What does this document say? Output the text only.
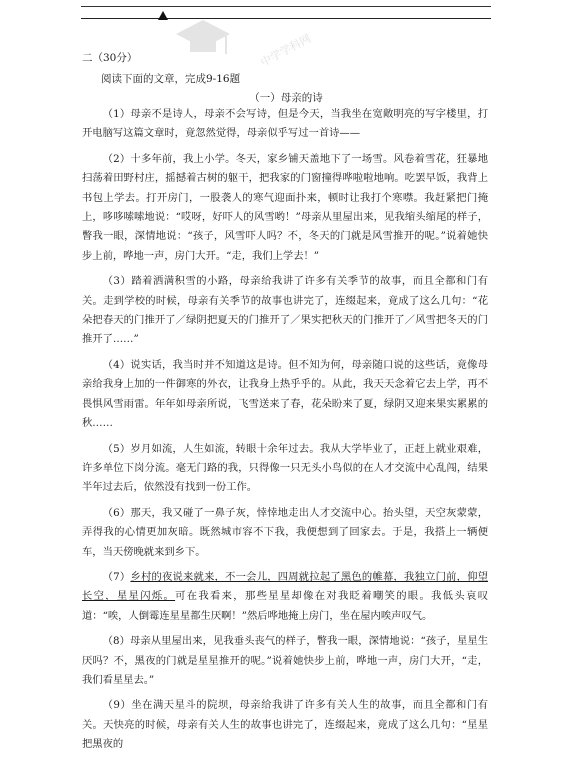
中学学科网
二（30分）
阅读下面的文章，完成9-16题
（一）母亲的诗

（1）母亲不是诗人，母亲不会写诗，但是今天，当我坐在宽敞明亮的写字楼里，打开电脑写这篇文章时，竟忽然觉得，母亲似乎写过一首诗——

（2）十多年前，我上小学。冬天，家乡铺天盖地下了一场雪。风卷着雪花，狂暴地扫荡着田野村庄，摇撼着古树的躯干，把我家的门窗撞得哗啦啦地响。吃罢早饭，我背上书包上学去。打开房门，一股袭人的寒气迎面扑来，顿时让我打个寒噤。我赶紧把门掩上，哆哆嗦嗦地说：“哎呀，好吓人的风雪哟！”母亲从里屋出来，见我缩头缩尾的样子，瞥我一眼，深情地说：“孩子，风雪吓人吗？不，冬天的门就是风雪推开的呢。”说着她快步上前，哗地一声，房门大开。“走，我们上学去！”

（3）踏着洒满积雪的小路，母亲给我讲了许多有关季节的故事，而且全都和门有关。走到学校的时候，母亲有关季节的故事也讲完了，连缀起来，竟成了这么几句：“花朵把春天的门推开了／绿阴把夏天的门推开了／果实把秋天的门推开了／风雪把冬天的门推开了……”

（4）说实话，我当时并不知道这是诗。但不知为何，母亲随口说的这些话，竟像母亲给我身上加的一件御寒的外衣，让我身上热乎乎的。从此，我天天念着它去上学，再不畏惧风雪雨雷。年年如母亲所说，飞雪送来了春，花朵盼来了夏，绿阴又迎来果实累累的秋……

（5）岁月如流，人生如流，转眼十余年过去。我从大学毕业了，正赶上就业艰难，许多单位下岗分流。毫无门路的我，只得像一只无头小鸟似的在人才交流中心乱闯，结果半年过去后，依然没有找到一份工作。

（6）那天，我又碰了一鼻子灰，悻悻地走出人才交流中心。抬头望，天空灰蒙蒙，弄得我的心情更加灰暗。既然城市容不下我，我便想到了回家去。于是，我搭上一辆便车，当天傍晚就来到乡下。

（7）乡村的夜说来就来，不一会儿，四周就拉起了黑色的帷幕，我独立门前，仰望长空，星星闪烁。可在我看来，那些星星却像在对我眨着嘲笑的眼。我低头哀叹道：“唉，人倒霉连星星都生厌啊！”然后哗地掩上房门，坐在屋内唉声叹气。

（8）母亲从里屋出来，见我垂头丧气的样子，瞥我一眼，深情地说：“孩子，星星生厌吗？不，黑夜的门就是星星推开的呢。”说着她快步上前，哗地一声，房门大开，“走，我们看星星去。”

（9）坐在满天星斗的院坝，母亲给我讲了许多有关人生的故事，而且全都和门有关。天快亮的时候，母亲有关人生的故事也讲完了，连缀起来，竟成了这么几句：“星星把黑夜的
